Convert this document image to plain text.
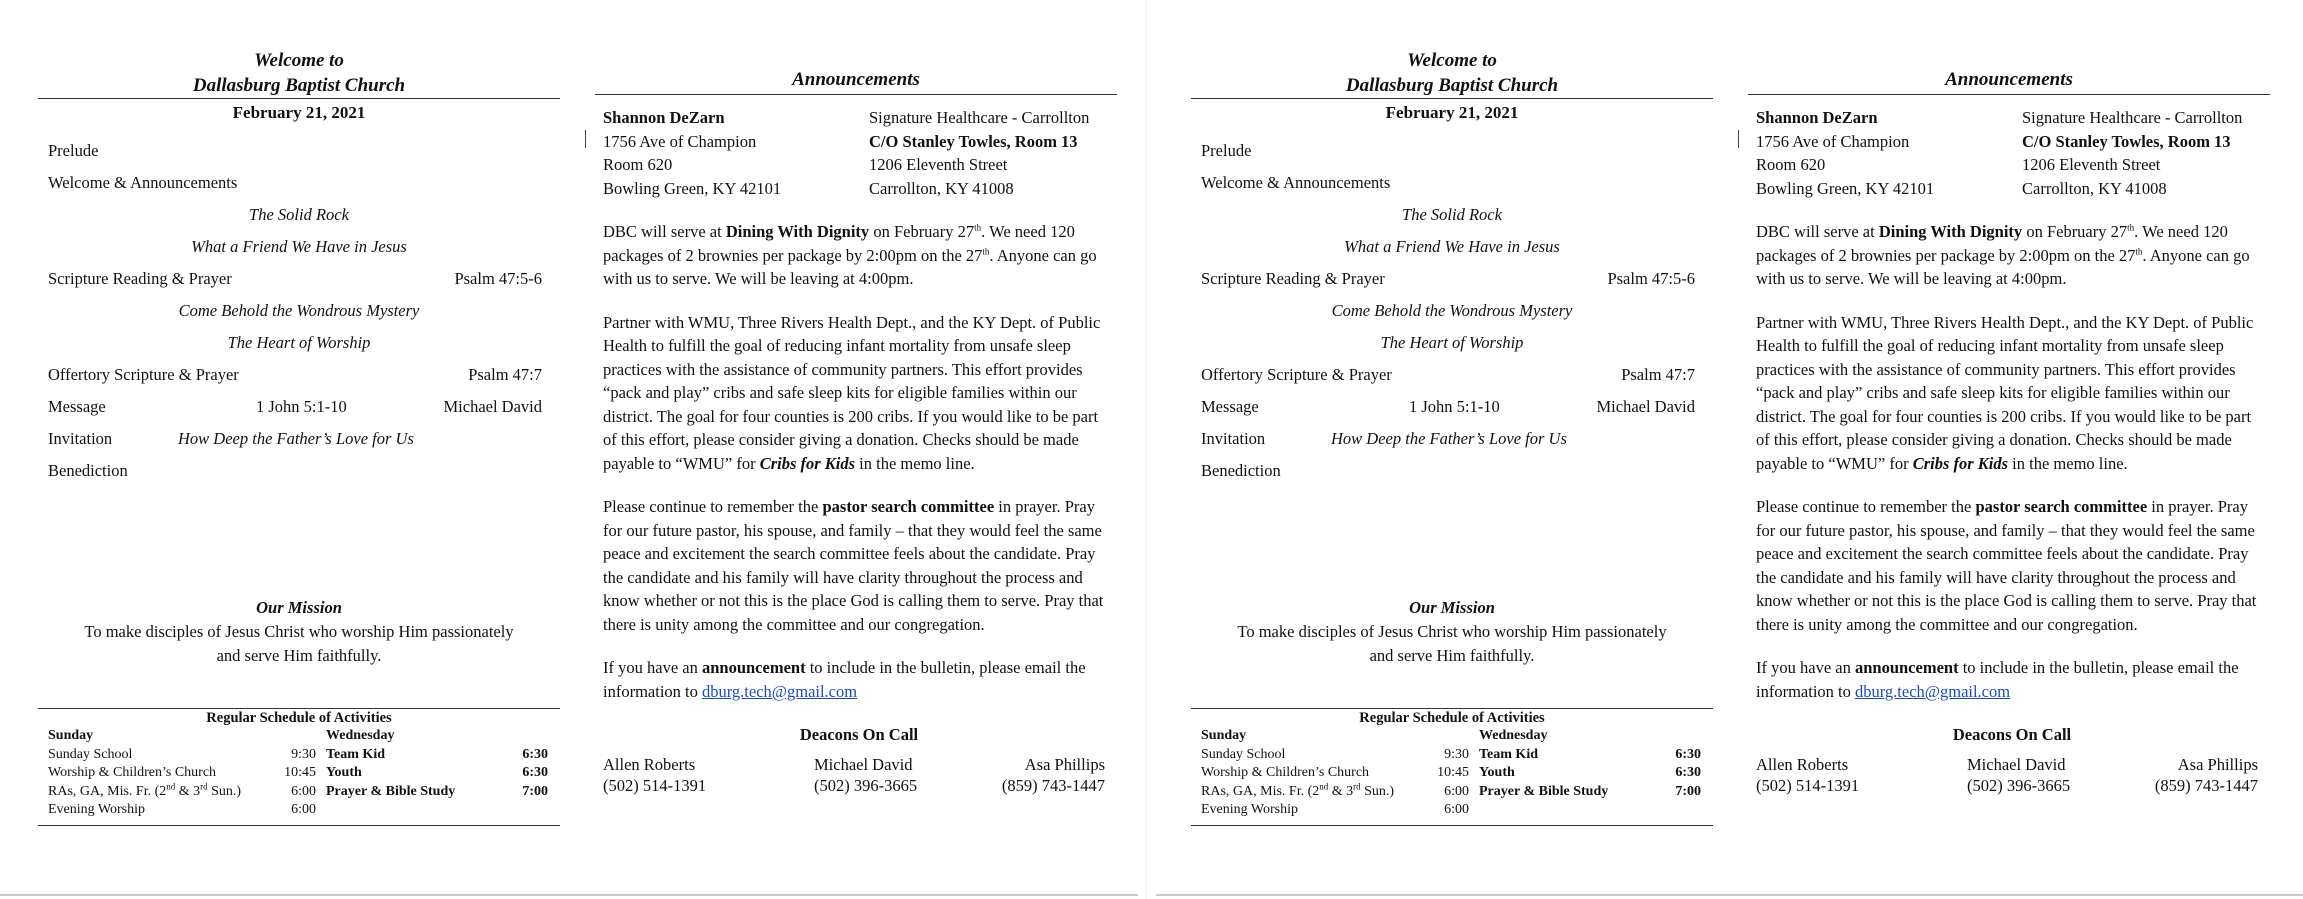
Welcome to
Dallasburg Baptist Church
February 21, 2021
Prelude
Welcome & Announcements
The Solid Rock
What a Friend We Have in Jesus
Scripture Reading & Prayer	Psalm 47:5-6
Come Behold the Wondrous Mystery
The Heart of Worship
Offertory Scripture & Prayer	Psalm 47:7
Message	1 John 5:1-10	Michael David
Invitation	How Deep the Father’s Love for Us
Benediction
Our Mission
To make disciples of Jesus Christ who worship Him passionately
and serve Him faithfully.
Regular Schedule of Activities
Sunday
Sunday School	9:30
Worship & Children’s Church	10:45
RAs, GA, Mis. Fr. (2nd & 3rd Sun.)	6:00
Evening Worship	6:00
Wednesday
Team Kid	6:30
Youth	6:30
Prayer & Bible Study	7:00
Announcements
Shannon DeZarn
1756 Ave of Champion
Room 620
Bowling Green, KY 42101
Signature Healthcare - Carrollton
C/O Stanley Towles, Room 13
1206 Eleventh Street
Carrollton, KY 41008

DBC will serve at Dining With Dignity on February 27th. We need 120 packages of 2 brownies per package by 2:00pm on the 27th. Anyone can go with us to serve. We will be leaving at 4:00pm.

Partner with WMU, Three Rivers Health Dept., and the KY Dept. of Public Health to fulfill the goal of reducing infant mortality from unsafe sleep practices with the assistance of community partners. This effort provides “pack and play” cribs and safe sleep kits for eligible families within our district. The goal for four counties is 200 cribs. If you would like to be part of this effort, please consider giving a donation. Checks should be made payable to “WMU” for Cribs for Kids in the memo line.

Please continue to remember the pastor search committee in prayer. Pray for our future pastor, his spouse, and family – that they would feel the same peace and excitement the search committee feels about the candidate. Pray the candidate and his family will have clarity throughout the process and know whether or not this is the place God is calling them to serve. Pray that there is unity among the committee and our congregation.

If you have an announcement to include in the bulletin, please email the information to dburg.tech@gmail.com

Deacons On Call
Allen Roberts
(502) 514-1391
Michael David
(502) 396-3665
Asa Phillips
(859) 743-1447
Welcome to
Dallasburg Baptist Church
February 21, 2021
Prelude
Welcome & Announcements
The Solid Rock
What a Friend We Have in Jesus
Scripture Reading & Prayer	Psalm 47:5-6
Come Behold the Wondrous Mystery
The Heart of Worship
Offertory Scripture & Prayer	Psalm 47:7
Message	1 John 5:1-10	Michael David
Invitation	How Deep the Father’s Love for Us
Benediction
Our Mission
To make disciples of Jesus Christ who worship Him passionately
and serve Him faithfully.
Regular Schedule of Activities
Sunday
Sunday School	9:30
Worship & Children’s Church	10:45
RAs, GA, Mis. Fr. (2nd & 3rd Sun.)	6:00
Evening Worship	6:00
Wednesday
Team Kid	6:30
Youth	6:30
Prayer & Bible Study	7:00
Announcements
Shannon DeZarn
1756 Ave of Champion
Room 620
Bowling Green, KY 42101
Signature Healthcare - Carrollton
C/O Stanley Towles, Room 13
1206 Eleventh Street
Carrollton, KY 41008

DBC will serve at Dining With Dignity on February 27th. We need 120 packages of 2 brownies per package by 2:00pm on the 27th. Anyone can go with us to serve. We will be leaving at 4:00pm.

Partner with WMU, Three Rivers Health Dept., and the KY Dept. of Public Health to fulfill the goal of reducing infant mortality from unsafe sleep practices with the assistance of community partners. This effort provides “pack and play” cribs and safe sleep kits for eligible families within our district. The goal for four counties is 200 cribs. If you would like to be part of this effort, please consider giving a donation. Checks should be made payable to “WMU” for Cribs for Kids in the memo line.

Please continue to remember the pastor search committee in prayer. Pray for our future pastor, his spouse, and family – that they would feel the same peace and excitement the search committee feels about the candidate. Pray the candidate and his family will have clarity throughout the process and know whether or not this is the place God is calling them to serve. Pray that there is unity among the committee and our congregation.

If you have an announcement to include in the bulletin, please email the information to dburg.tech@gmail.com

Deacons On Call
Allen Roberts
(502) 514-1391
Michael David
(502) 396-3665
Asa Phillips
(859) 743-1447
